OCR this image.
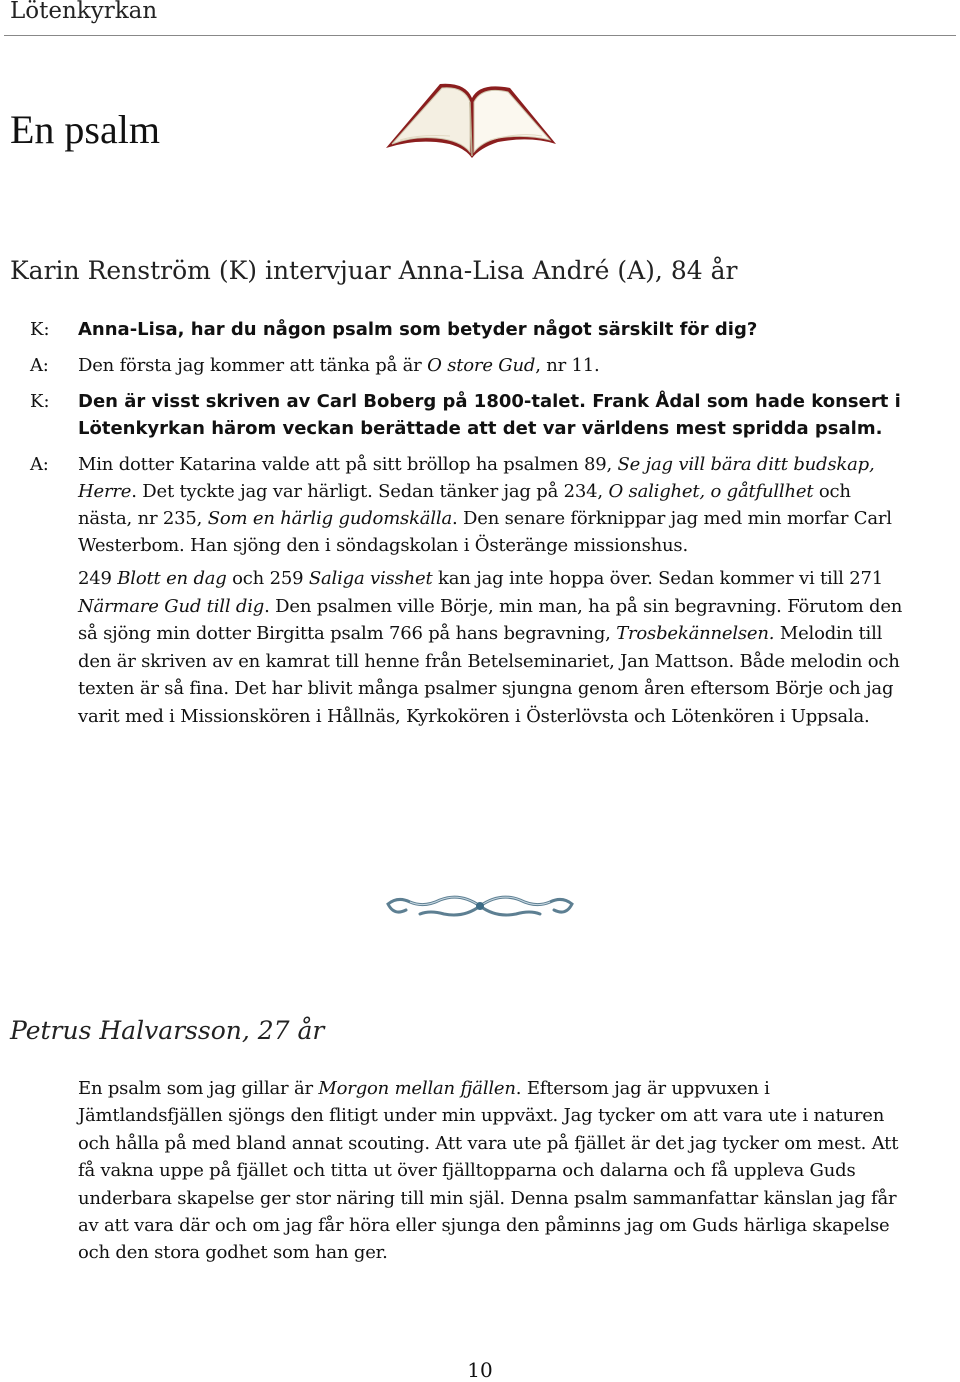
Lötenkyrkan
En psalm
Karin Renström (K) intervjuar Anna-Lisa André (A), 84 år
K: Anna-Lisa, har du någon psalm som betyder något särskilt för dig?
A: Den första jag kommer att tänka på är O store Gud, nr 11.
K: Den är visst skriven av Carl Boberg på 1800-talet. Frank Ådal som hade konsert i Lötenkyrkan härom veckan berättade att det var världens mest spridda psalm.
A: Min dotter Katarina valde att på sitt bröllop ha psalmen 89, Se jag vill bära ditt budskap, Herre. Det tyckte jag var härligt. Sedan tänker jag på 234, O salighet, o gåtfullhet och nästa, nr 235, Som en härlig gudomskälla. Den senare förknippar jag med min morfar Carl Westerbom. Han sjöng den i söndagskolan i Österänge missionshus.
249 Blott en dag och 259 Saliga visshet kan jag inte hoppa över. Sedan kommer vi till 271 Närmare Gud till dig. Den psalmen ville Börje, min man, ha på sin begravning. Förutom den så sjöng min dotter Birgitta psalm 766 på hans begravning, Trosbekännelsen. Melodin till den är skriven av en kamrat till henne från Betelseminariet, Jan Mattson. Både melodin och texten är så fina. Det har blivit många psalmer sjungna genom åren eftersom Börje och jag varit med i Missionskören i Hållnäs, Kyrkokören i Österlövsta och Lötenkören i Uppsala.
Petrus Halvarsson, 27 år
En psalm som jag gillar är Morgon mellan fjällen. Eftersom jag är uppvuxen i Jämtlandsfjällen sjöngs den flitigt under min uppväxt. Jag tycker om att vara ute i naturen och hålla på med bland annat scouting. Att vara ute på fjället är det jag tycker om mest. Att få vakna uppe på fjället och titta ut över fjälltopparna och dalarna och få uppleva Guds underbara skapelse ger stor näring till min själ. Denna psalm sammanfattar känslan jag får av att vara där och om jag får höra eller sjunga den påminns jag om Guds härliga skapelse och den stora godhet som han ger.
10
